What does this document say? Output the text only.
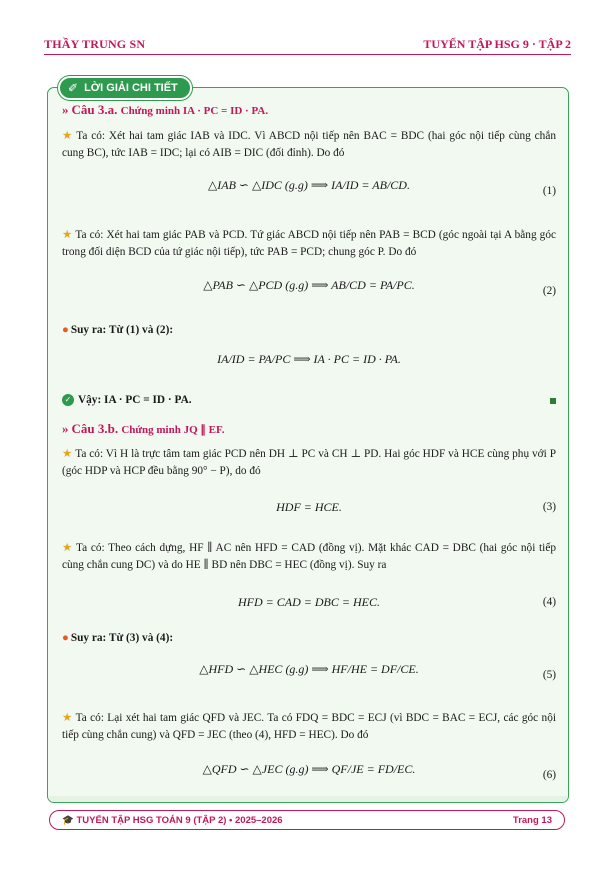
THẦY TRUNG SN	TUYỂN TẬP HSG 9 · TẬP 2
✐ LỜI GIẢI CHI TIẾT
» Câu 3.a. Chứng minh IA · PC = ID · PA.
★ Ta có: Xét hai tam giác IAB và IDC. Vì ABCD nội tiếp nên BAC = BDC (hai góc nội tiếp cùng chắn cung BC), tức IAB = IDC; lại có AIB = DIC (đối đỉnh). Do đó
△IAB ∽ △IDC (g.g) ⟹ IA/ID = AB/CD.	(1)
★ Ta có: Xét hai tam giác PAB và PCD. Tứ giác ABCD nội tiếp nên PAB = BCD (góc ngoài tại A bằng góc trong đối diện BCD của tứ giác nội tiếp), tức PAB = PCD; chung góc P. Do đó
△PAB ∽ △PCD (g.g) ⟹ AB/CD = PA/PC.	(2)
● Suy ra: Từ (1) và (2):
IA/ID = PA/PC ⟹ IA · PC = ID · PA.
✓ Vậy: IA · PC = ID · PA.
» Câu 3.b. Chứng minh JQ ∥ EF.
★ Ta có: Vì H là trực tâm tam giác PCD nên DH ⊥ PC và CH ⊥ PD. Hai góc HDF và HCE cùng phụ với P (góc HDP và HCP đều bằng 90° − P), do đó
HDF = HCE.	(3)
★ Ta có: Theo cách dựng, HF ∥ AC nên HFD = CAD (đồng vị). Mặt khác CAD = DBC (hai góc nội tiếp cùng chắn cung DC) và do HE ∥ BD nên DBC = HEC (đồng vị). Suy ra
HFD = CAD = DBC = HEC.	(4)
● Suy ra: Từ (3) và (4):
△HFD ∽ △HEC (g.g) ⟹ HF/HE = DF/CE.	(5)
★ Ta có: Lại xét hai tam giác QFD và JEC. Ta có FDQ = BDC = ECJ (vì BDC = BAC = ECJ, các góc nội tiếp cùng chắn cung) và QFD = JEC (theo (4), HFD = HEC). Do đó
△QFD ∽ △JEC (g.g) ⟹ QF/JE = FD/EC.	(6)
🎓 TUYỂN TẬP HSG TOÁN 9 (TẬP 2) • 2025–2026	Trang 13
